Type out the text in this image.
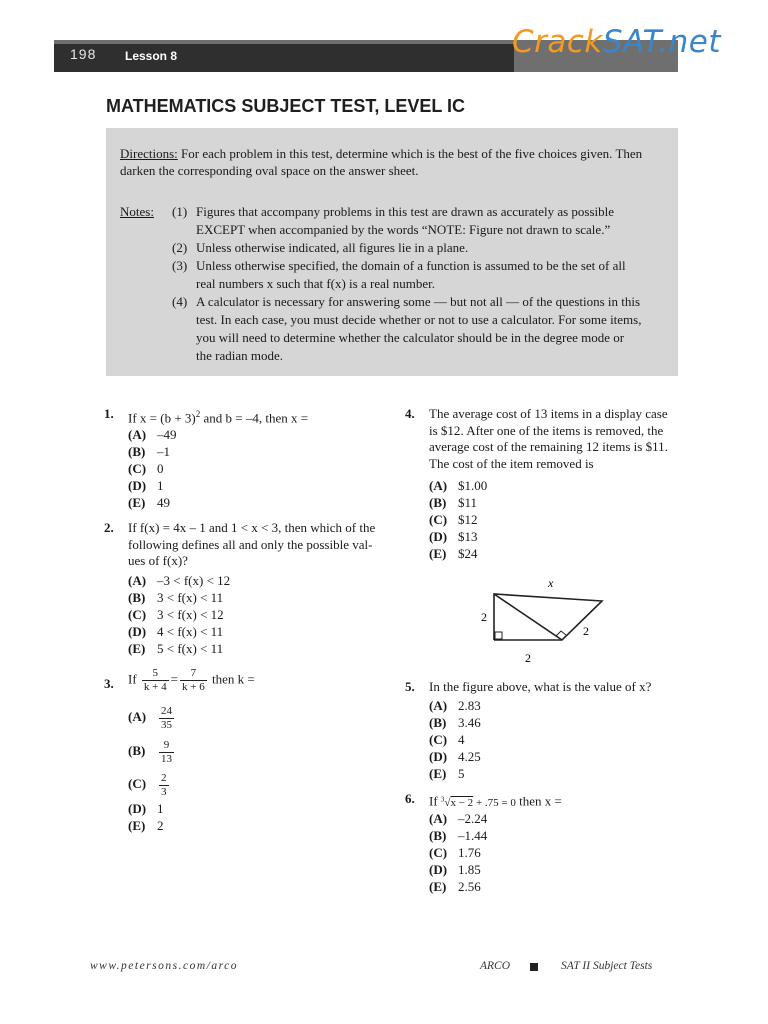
198 Lesson 8	CrackSAT.net
MATHEMATICS SUBJECT TEST, LEVEL IC
Directions: For each problem in this test, determine which is the best of the five choices given. Then
darken the corresponding oval space on the answer sheet.
Notes: (1) Figures that accompany problems in this test are drawn as accurately as possible
EXCEPT when accompanied by the words “NOTE: Figure not drawn to scale.”
(2) Unless otherwise indicated, all figures lie in a plane.
(3) Unless otherwise specified, the domain of a function is assumed to be the set of all
real numbers x such that f(x) is a real number.
(4) A calculator is necessary for answering some — but not all — of the questions in this
test. In each case, you must decide whether or not to use a calculator. For some items,
you will need to determine whether the calculator should be in the degree mode or
the radian mode.
1. If $x = (b + 3)^2$ and b = –4, then x =
(A) –49
(B) –1
(C) 0
(D) 1
(E) 49
2. If f(x) = 4x – 1 and 1 < x < 3, then which of the
following defines all and only the possible val-
ues of f(x)?
(A) –3 < f(x) < 12
(B) 3 < f(x) < 11
(C) 3 < f(x) < 12
(D) 4 < f(x) < 11
(E) 5 < f(x) < 11
3. If $\frac{5}{k + 4} = \frac{7}{k + 6}$ then k =
$(A) \frac{24}{35}$
$(B) \frac{9}{13}$
$(C) \frac{2}{3}$
(D) 1
(E) 2
4. The average cost of 13 items in a display case
is $12. After one of the items is removed, the
average cost of the remaining 12 items is $11.
The cost of the item removed is
(A) $1.00
(B) $11
(C) $12
(D) $13
(E) $24
x
2
2
2
5. In the figure above, what is the value of x?
(A) 2.83
(B) 3.46
(C) 4
(D) 4.25
(E) 5
6. If $^3$√x − 2 + .75 = 0 then x =
(A) –2.24
(B) –1.44
(C) 1.76
(D) 1.85
(E) 2.56
www.petersons.com/arco	ARCO	SAT II Subject Tests
